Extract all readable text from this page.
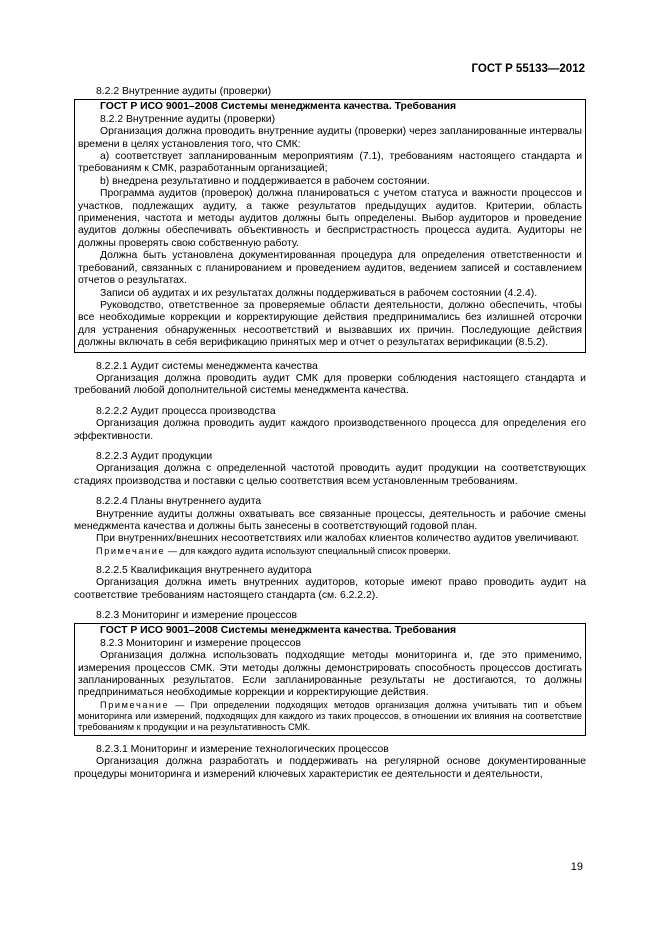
ГОСТ Р 55133—2012

8.2.2 Внутренние аудиты (проверки)

ГОСТ Р ИСО 9001–2008 Системы менеджмента качества. Требования

8.2.2 Внутренние аудиты (проверки)

Организация должна проводить внутренние аудиты (проверки) через запланированные интервалы времени в целях установления того, что СМК:

а) соответствует запланированным мероприятиям (7.1), требованиям настоящего стандарта и требованиям к СМК, разработанным организацией;

b) внедрена результативно и поддерживается в рабочем состоянии.

Программа аудитов (проверок) должна планироваться с учетом статуса и важности процессов и участков, подлежащих аудиту, а также результатов предыдущих аудитов. Критерии, область применения, частота и методы аудитов должны быть определены. Выбор аудиторов и проведение аудитов должны обеспечивать объективность и беспристрастность процесса аудита. Аудиторы не должны проверять свою собственную работу.

Должна быть установлена документированная процедура для определения ответственности и требований, связанных с планированием и проведением аудитов, ведением записей и составлением отчетов о результатах.

Записи об аудитах и их результатах должны поддерживаться в рабочем состоянии (4.2.4).

Руководство, ответственное за проверяемые области деятельности, должно обеспечить, чтобы все необходимые коррекции и корректирующие действия предпринимались без излишней отсрочки для устранения обнаруженных несоответствий и вызвавших их причин. Последующие действия должны включать в себя верификацию принятых мер и отчет о результатах верификации (8.5.2).

8.2.2.1 Аудит системы менеджмента качества

Организация должна проводить аудит СМК для проверки соблюдения настоящего стандарта и требований любой дополнительной системы менеджмента качества.

8.2.2.2 Аудит процесса производства

Организация должна проводить аудит каждого производственного процесса для определения его эффективности.

8.2.2.3 Аудит продукции

Организация должна с определенной частотой проводить аудит продукции на соответствующих стадиях производства и поставки с целью соответствия всем установленным требованиям.

8.2.2.4 Планы внутреннего аудита

Внутренние аудиты должны охватывать все связанные процессы, деятельность и рабочие смены менеджмента качества и должны быть занесены в соответствующий годовой план.

При внутренних/внешних несоответствиях или жалобах клиентов количество аудитов увеличивают.

Примечание — для каждого аудита используют специальный список проверки.

8.2.2.5 Квалификация внутреннего аудитора

Организация должна иметь внутренних аудиторов, которые имеют право проводить аудит на соответствие требованиям настоящего стандарта (см. 6.2.2.2).

8.2.3 Мониторинг и измерение процессов

ГОСТ Р ИСО 9001–2008 Системы менеджмента качества. Требования

8.2.3 Мониторинг и измерение процессов

Организация должна использовать подходящие методы мониторинга и, где это применимо, измерения процессов СМК. Эти методы должны демонстрировать способность процессов достигать запланированных результатов. Если запланированные результаты не достигаются, то должны предприниматься необходимые коррекции и корректирующие действия.

Примечание — При определении подходящих методов организация должна учитывать тип и объем мониторинга или измерений, подходящих для каждого из таких процессов, в отношении их влияния на соответствие требованиям к продукции и на результативность СМК.

8.2.3.1 Мониторинг и измерение технологических процессов

Организация должна разработать и поддерживать на регулярной основе документированные процедуры мониторинга и измерений ключевых характеристик ее деятельности и деятельности,

19
